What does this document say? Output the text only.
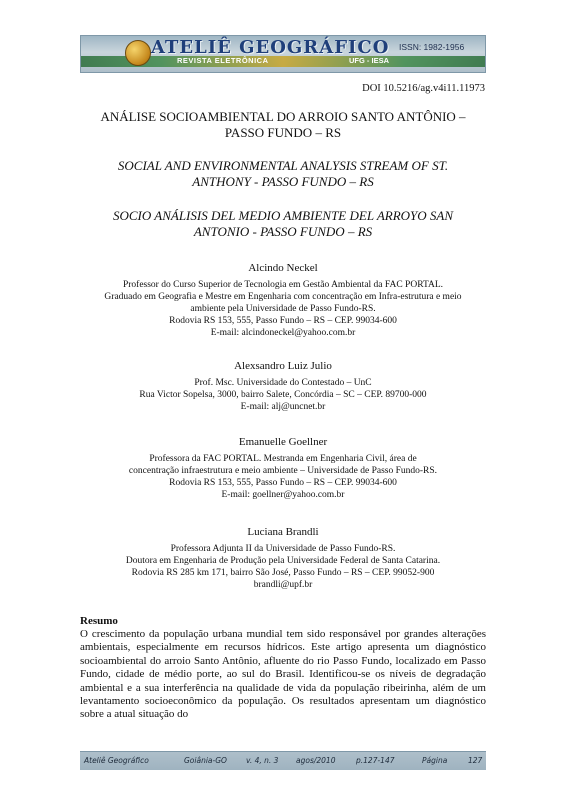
ATELIÊ GEOGRÁFICO
REVISTA ELETRÔNICA	UFG - IESA
ISSN: 1982-1956
DOI 10.5216/ag.v4i11.11973
ANÁLISE SOCIOAMBIENTAL DO ARROIO SANTO ANTÔNIO –
PASSO FUNDO – RS
SOCIAL AND ENVIRONMENTAL ANALYSIS STREAM OF ST.
ANTHONY - PASSO FUNDO – RS
SOCIO ANÁLISIS DEL MEDIO AMBIENTE DEL ARROYO SAN
ANTONIO - PASSO FUNDO – RS
Alcindo Neckel
Professor do Curso Superior de Tecnologia em Gestão Ambiental da FAC PORTAL.
Graduado em Geografia e Mestre em Engenharia com concentração em Infra-estrutura e meio
ambiente pela Universidade de Passo Fundo-RS.
Rodovia RS 153, 555, Passo Fundo – RS – CEP. 99034-600
E-mail: alcindoneckel@yahoo.com.br
Alexsandro Luiz Julio
Prof. Msc. Universidade do Contestado – UnC
Rua Victor Sopelsa, 3000, bairro Salete, Concórdia – SC – CEP. 89700-000
E-mail: alj@uncnet.br
Emanuelle Goellner
Professora da FAC PORTAL. Mestranda em Engenharia Civil, área de
concentração infraestrutura e meio ambiente – Universidade de Passo Fundo-RS.
Rodovia RS 153, 555, Passo Fundo – RS – CEP. 99034-600
E-mail: goellner@yahoo.com.br
Luciana Brandli
Professora Adjunta II da Universidade de Passo Fundo-RS.
Doutora em Engenharia de Produção pela Universidade Federal de Santa Catarina.
Rodovia RS 285 km 171, bairro São José, Passo Fundo – RS – CEP. 99052-900
brandli@upf.br
Resumo
O crescimento da população urbana mundial tem sido responsável por grandes alterações ambientais, especialmente em recursos hídricos. Este artigo apresenta um diagnóstico socioambiental do arroio Santo Antônio, afluente do rio Passo Fundo, localizado em Passo Fundo, cidade de médio porte, ao sul do Brasil. Identificou-se os níveis de degradação ambiental e a sua interferência na qualidade de vida da população ribeirinha, além de um levantamento socioeconômico da população. Os resultados apresentam um diagnóstico sobre a atual situação do
Ateliê Geográfico	Goiânia-GO	v. 4, n. 3 agos/2010	p.127-147	Página	127
